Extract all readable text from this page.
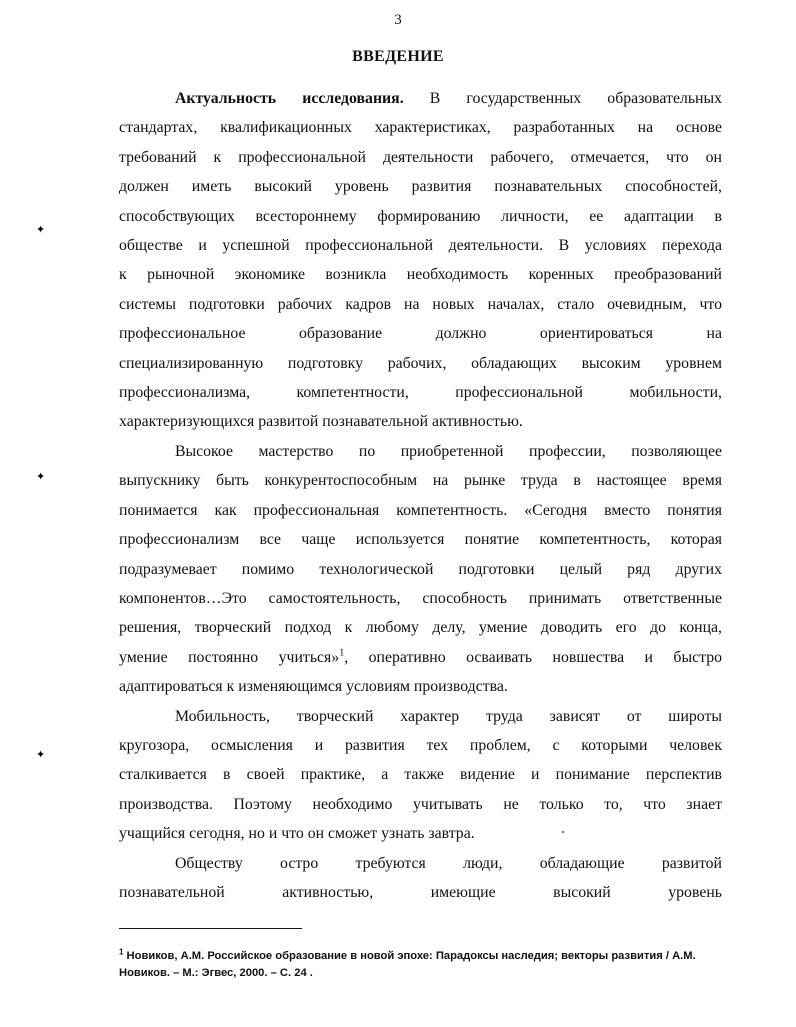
3
ВВЕДЕНИЕ
✦
✦
✦
Актуальность исследования. В государственных образовательных
стандартах, квалификационных характеристиках, разработанных на основе
требований к профессиональной деятельности рабочего, отмечается, что он
должен иметь высокий уровень развития познавательных способностей,
способствующих всестороннему формированию личности, ее адаптации в
обществе и успешной профессиональной деятельности. В условиях перехода
к рыночной экономике возникла необходимость коренных преобразований
системы подготовки рабочих кадров на новых началах, стало очевидным, что
профессиональное образование должно ориентироваться на
специализированную подготовку рабочих, обладающих высоким уровнем
профессионализма, компетентности, профессиональной мобильности,
характеризующихся развитой познавательной активностью.
Высокое мастерство по приобретенной профессии, позволяющее
выпускнику быть конкурентоспособным на рынке труда в настоящее время
понимается как профессиональная компетентность. «Сегодня вместо понятия
профессионализм все чаще используется понятие компетентность, которая
подразумевает помимо технологической подготовки целый ряд других
компонентов…Это самостоятельность, способность принимать ответственные
решения, творческий подход к любому делу, умение доводить его до конца,
умение постоянно учиться»$^1$, оперативно осваивать новшества и быстро
адаптироваться к изменяющимся условиям производства.
Мобильность, творческий характер труда зависят от широты
кругозора, осмысления и развития тех проблем, с которыми человек
сталкивается в своей практике, а также видение и понимание перспектив
производства. Поэтому необходимо учитывать не только то, что знает
учащийся сегодня, но и что он сможет узнать завтра.
Обществу остро требуются люди, обладающие развитой
познавательной активностью, имеющие высокий уровень
$^1$ Новиков, А.М. Российское образование в новой эпохе: Парадоксы наследия; векторы развития / А.М.
Новиков. – М.: Эгвес, 2000. – С. 24 .
